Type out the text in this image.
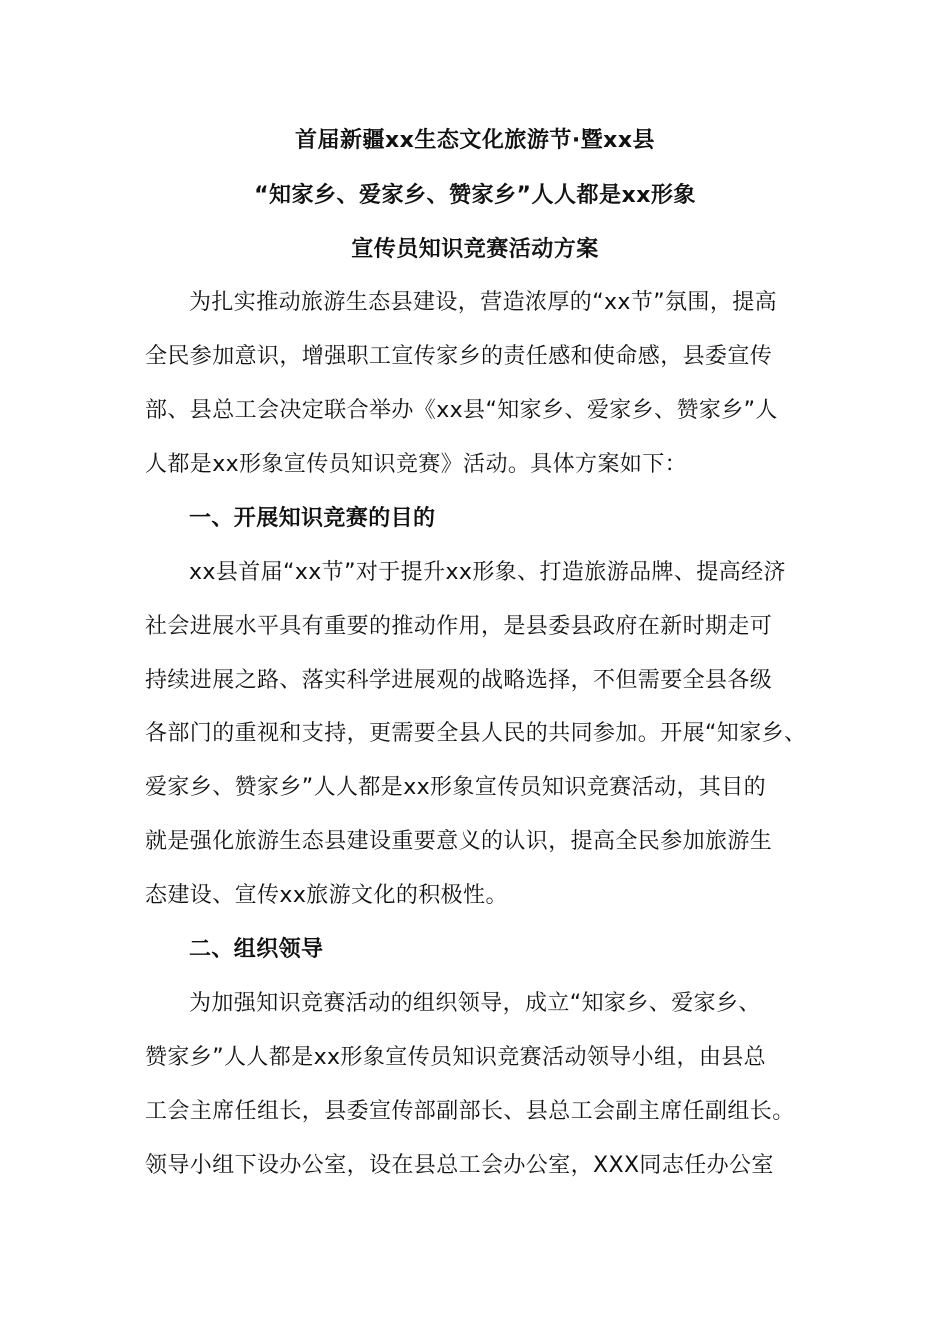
首届新疆xx生态文化旅游节·暨xx县
“知家乡、爱家乡、赞家乡”人人都是xx形象
宣传员知识竞赛活动方案
为扎实推动旅游生态县建设，营造浓厚的“xx节”氛围，提高
全民参加意识，增强职工宣传家乡的责任感和使命感，县委宣传
部、县总工会决定联合举办《xx县“知家乡、爱家乡、赞家乡”人
人都是xx形象宣传员知识竞赛》活动。具体方案如下：
一、开展知识竞赛的目的
xx县首届“xx节”对于提升xx形象、打造旅游品牌、提高经济
社会进展水平具有重要的推动作用，是县委县政府在新时期走可
持续进展之路、落实科学进展观的战略选择，不但需要全县各级
各部门的重视和支持，更需要全县人民的共同参加。开展“知家乡、
爱家乡、赞家乡”人人都是xx形象宣传员知识竞赛活动，其目的
就是强化旅游生态县建设重要意义的认识，提高全民参加旅游生
态建设、宣传xx旅游文化的积极性。
二、组织领导
为加强知识竞赛活动的组织领导，成立“知家乡、爱家乡、
赞家乡”人人都是xx形象宣传员知识竞赛活动领导小组，由县总
工会主席任组长，县委宣传部副部长、县总工会副主席任副组长。
领导小组下设办公室，设在县总工会办公室，XXX同志任办公室
